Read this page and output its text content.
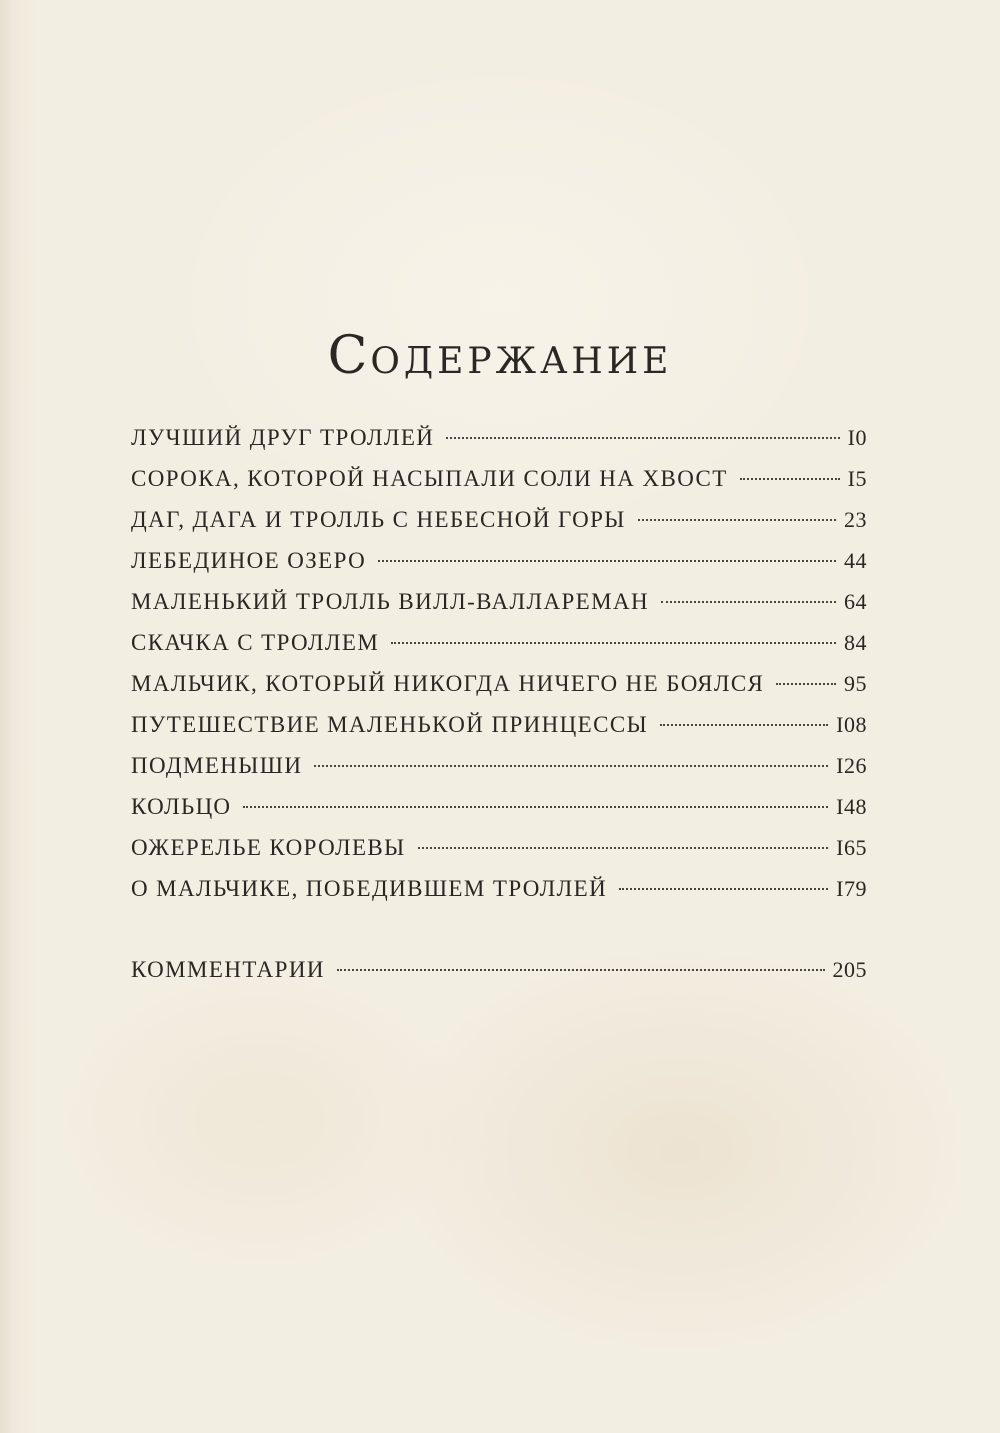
СОДЕРЖАНИЕ
ЛУЧШИЙ ДРУГ ТРОЛЛЕЙ	I0
СОРОКА, КОТОРОЙ НАСЫПАЛИ СОЛИ НА ХВОСТ	I5
ДАГ, ДАГА И ТРОЛЛЬ С НЕБЕСНОЙ ГОРЫ	23
ЛЕБЕДИНОЕ ОЗЕРО	44
МАЛЕНЬКИЙ ТРОЛЛЬ ВИЛЛ-ВАЛЛАРЕМАН	64
СКАЧКА С ТРОЛЛЕМ	84
МАЛЬЧИК, КОТОРЫЙ НИКОГДА НИЧЕГО НЕ БОЯЛСЯ	95
ПУТЕШЕСТВИЕ МАЛЕНЬКОЙ ПРИНЦЕССЫ	I08
ПОДМЕНЫШИ	I26
КОЛЬЦО	I48
ОЖЕРЕЛЬЕ КОРОЛЕВЫ	I65
О МАЛЬЧИКЕ, ПОБЕДИВШЕМ ТРОЛЛЕЙ	I79
КОММЕНТАРИИ	205
